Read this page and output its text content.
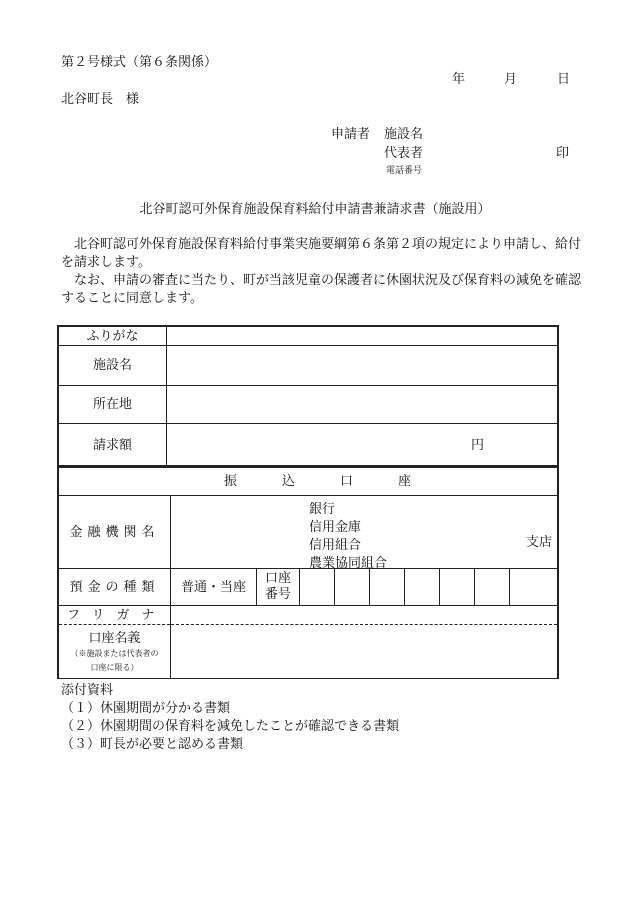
第２号様式（第６条関係）
年	月	日
北谷町長　様
申請者 施設名
代表者	印
電話番号
北谷町認可外保育施設保育料給付申請書兼請求書（施設用）
北谷町認可外保育施設保育料給付事業実施要綱第６条第２項の規定により申請し、給付を請求します。
なお、申請の審査に当たり、町が当該児童の保護者に休園状況及び保育料の減免を確認することに同意します。
ふりがな	
施設名	
所在地	
請求額	円
振 込 口 座									
金融機関名	銀行
信用金庫
信用組合
農業協同組合
支店								

預金の種類	普通・当座	口座
番号							

フリガナ	

口座名義
（※施設または代表者の
口座に限る）	

添付資料
（１）休園期間が分かる書類
（２）休園期間の保育料を減免したことが確認できる書類
（３）町長が必要と認める書類
